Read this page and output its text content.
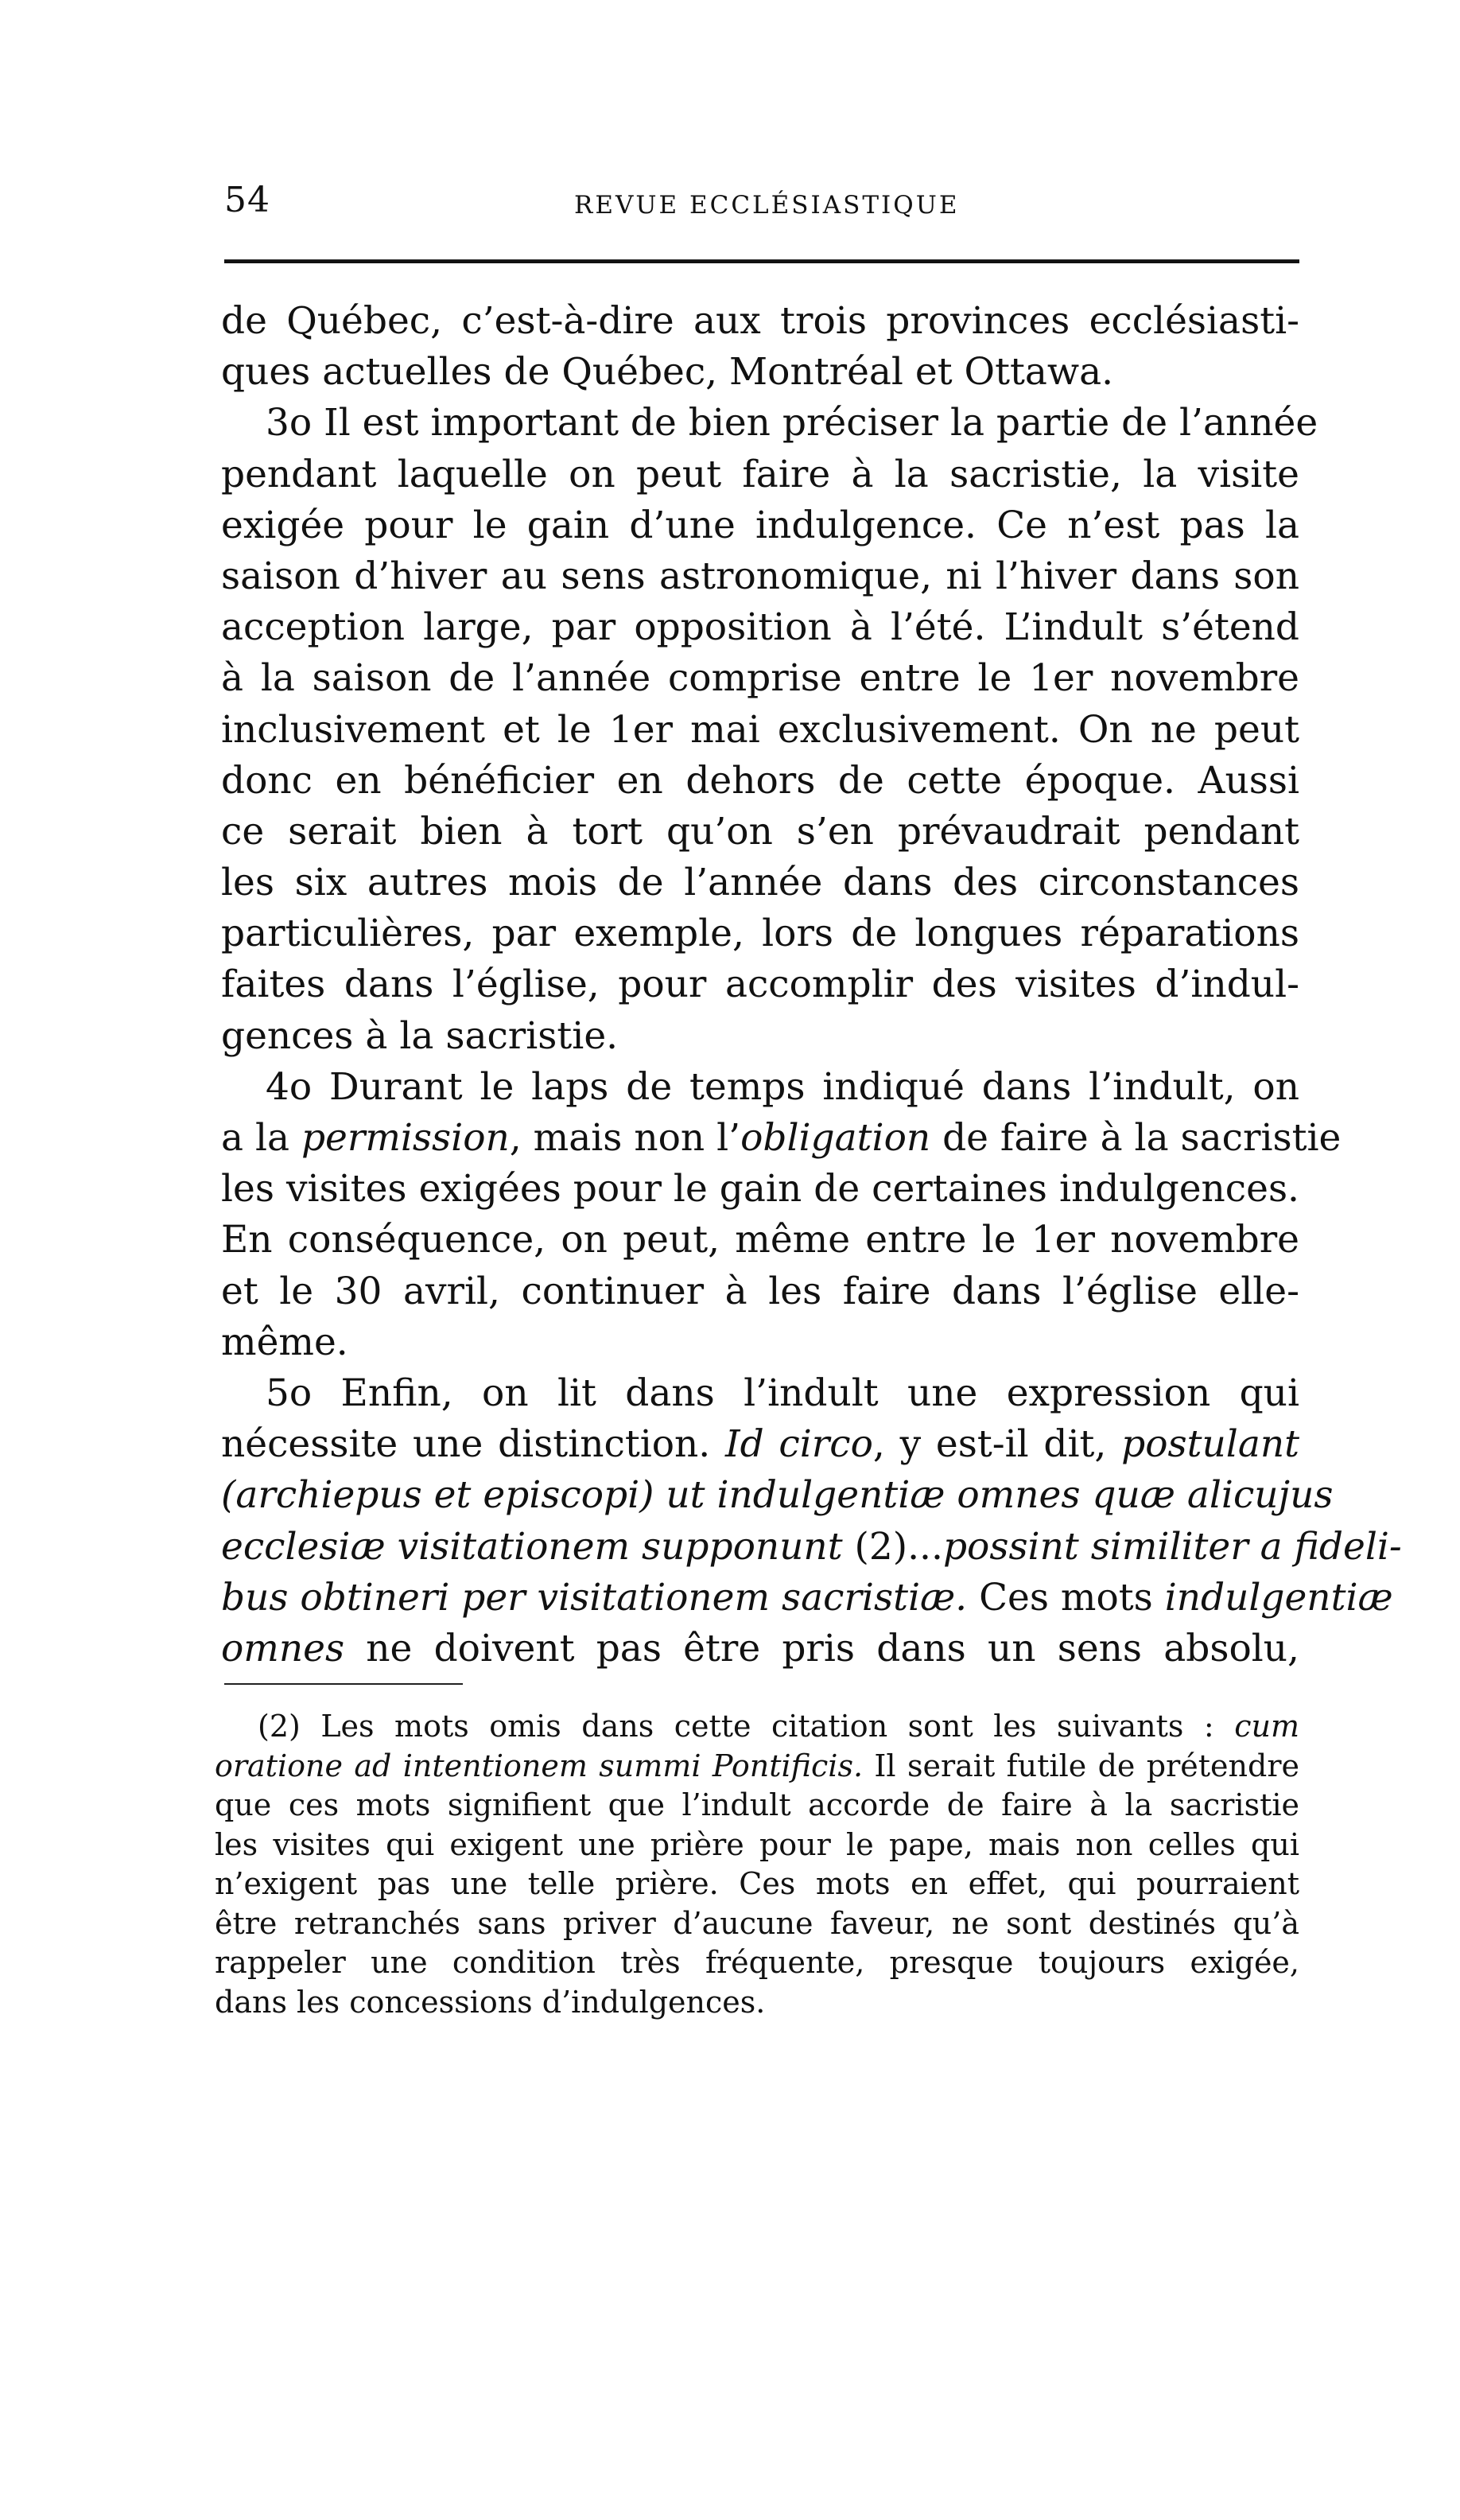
54	REVUE ECCLÉSIASTIQUE
de Québec, c’est-à-dire aux trois provinces ecclésiasti-
ques actuelles de Québec, Montréal et Ottawa.
3o Il est important de bien préciser la partie de l’année
pendant laquelle on peut faire à la sacristie, la visite
exigée pour le gain d’une indulgence. Ce n’est pas la
saison d’hiver au sens astronomique, ni l’hiver dans son
acception large, par opposition à l’été. L’indult s’étend
à la saison de l’année comprise entre le 1er novembre
inclusivement et le 1er mai exclusivement. On ne peut
donc en bénéficier en dehors de cette époque. Aussi
ce serait bien à tort qu’on s’en prévaudrait pendant
les six autres mois de l’année dans des circonstances
particulières, par exemple, lors de longues réparations
faites dans l’église, pour accomplir des visites d’indul-
gences à la sacristie.
4o Durant le laps de temps indiqué dans l’indult, on
a la permission, mais non l’obligation de faire à la sacristie
les visites exigées pour le gain de certaines indulgences.
En conséquence, on peut, même entre le 1er novembre
et le 30 avril, continuer à les faire dans l’église elle-
même.
5o Enfin, on lit dans l’indult une expression qui
nécessite une distinction. Id circo, y est-il dit, postulant
(archiepus et episcopi) ut indulgentiæ omnes quæ alicujus
ecclesiæ visitationem supponunt (2)...possint similiter a fideli-
bus obtineri per visitationem sacristiæ. Ces mots indulgentiæ
omnes ne doivent pas être pris dans un sens absolu,
(2) Les mots omis dans cette citation sont les suivants : cum
oratione ad intentionem summi Pontificis. Il serait futile de prétendre
que ces mots signifient que l’indult accorde de faire à la sacristie
les visites qui exigent une prière pour le pape, mais non celles qui
n’exigent pas une telle prière. Ces mots en effet, qui pourraient
être retranchés sans priver d’aucune faveur, ne sont destinés qu’à
rappeler une condition très fréquente, presque toujours exigée,
dans les concessions d’indulgences.
